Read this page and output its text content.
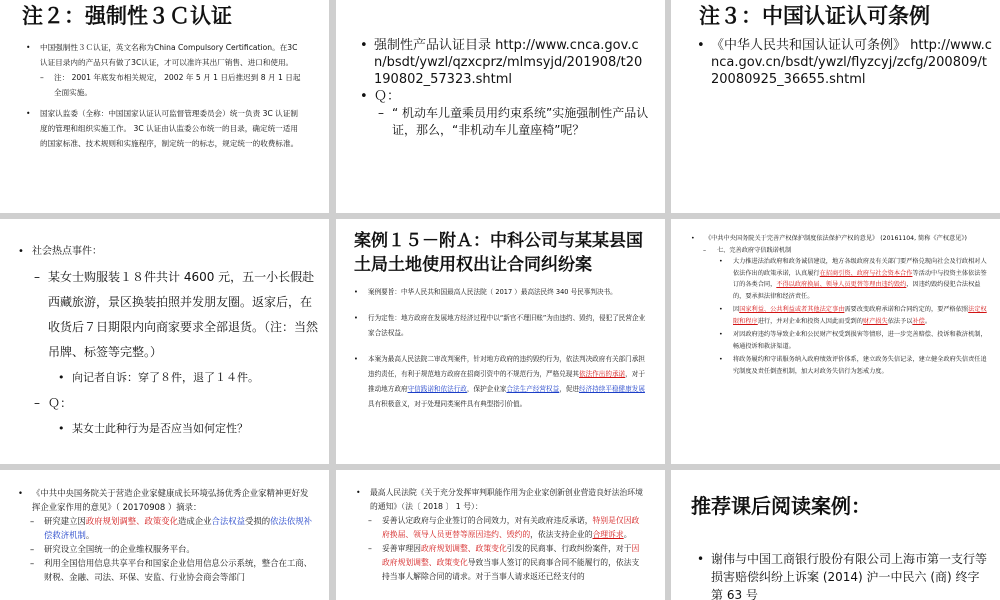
注２：强制性３Ｃ认证
• 中国强制性３Ｃ认证，英文名称为China Compulsory Certification。在3C认证目录内的产品只有做了3C认证，才可以准许其出厂销售、进口和使用。
– 注： 2001 年底发布相关规定， 2002 年 5 月 1 日后推迟到 8 月 1 日起全面实施。
• 国家认监委（全称：中国国家认证认可监督管理委员会）统一负责 3C 认证制度的管理和组织实施工作。 3C 认证由认监委公布统一的目录，确定统一适用的国家标准、技术规则和实施程序，制定统一的标志，规定统一的收费标准。
• 强制性产品认证目录 http://www.cnca.gov.cn/bsdt/ywzl/qzxcprz/mlmsyjd/201908/t20190802_57323.shtml
• Ｑ：
– “ 机动车儿童乘员用约束系统”实施强制性产品认证，那么，“非机动车儿童座椅”呢？
注３：中国认证认可条例
• 《中华人民共和国认证认可条例》 http://www.cnca.gov.cn/bsdt/ywzl/flyzcyj/zcfg/200809/t20080925_36655.shtml
• 社会热点事件：
– 某女士购服装１８件共计 4600 元，五一小长假赴西藏旅游，景区换装拍照并发朋友圈。返家后，在收货后７日期限内向商家要求全部退货。（注：当然吊牌、标签等完整。）
• 向记者自诉：穿了８件，退了１４件。
– Ｑ：
• 某女士此种行为是否应当如何定性？
案例１５－附Ａ：中科公司与某某县国土局土地使用权出让合同纠纷案
• 案例要旨：中华人民共和国最高人民法院（ 2017 ）最高法民终 340 号民事判决书。
• 行为定性：地方政府在发展地方经济过程中以“新官不理旧账”为由违约、毁约，侵犯了民营企业家合法权益。
• 本案为最高人民法院二审改判案件，针对地方政府的违约毁约行为，依法判决政府有关部门承担违约责任，有利于规范地方政府在招商引资中的不规范行为，严格兑现其依法作出的承诺，对于推动地方政府守信践诺和依法行政，保护企业家合法生产经营权益，促进经济持续平稳健康发展具有积极意义，对于处理同类案件具有典型指引价值。
• 《中共中央国务院关于完善产权保护制度依法保护产权的意见》 (20161104, 简称《产权意见》)
– 七、完善政府守信践诺机制
• 大力推进法治政府和政务诚信建设，地方各级政府及有关部门要严格兑现向社会及行政相对人依法作出的政策承诺，认真履行在招商引资、政府与社会资本合作等活动中与投资主体依法签订的各类合同，不得以政府换届、领导人员更替等理由违约毁约，因违约毁约侵犯合法权益的，要承担法律和经济责任。
• 因国家利益、公共利益或者其他法定事由需要改变政府承诺和合同约定的，要严格依照法定权限和程序进行，并对企业和投资人因此而受到的财产损失依法予以补偿。
• 对因政府违约等导致企业和公民财产权受到损害等情形，进一步完善赔偿、投诉和救济机制，畅通投诉和救济渠道。
• 将政务履约和守诺服务纳入政府绩效评价体系，建立政务失信记录，建立健全政府失信责任追究制度及责任倒查机制，加大对政务失信行为惩戒力度。
• 《中共中央国务院关于营造企业家健康成长环境弘扬优秀企业家精神更好发挥企业家作用的意见》（ 20170908 ）摘录：
– 研究建立因政府规划调整、政策变化造成企业合法权益受损的依法依规补偿救济机制。
– 研究设立全国统一的企业维权服务平台。
– 利用全国信用信息共享平台和国家企业信用信息公示系统，整合在工商、财税、金融、司法、环保、安监、行业协会商会等部门
• 最高人民法院《关于充分发挥审判职能作用为企业家创新创业营造良好法治环境的通知》（法〔 2018 〕 1 号）：
– 妥善认定政府与企业签订的合同效力，对有关政府违反承诺，特别是仅因政府换届、领导人员更替等原因违约、毁约的，依法支持企业的合理诉求。
– 妥善审理因政府规划调整、政策变化引发的民商事、行政纠纷案件，对于因政府规划调整、政策变化导致当事人签订的民商事合同不能履行的，依法支持当事人解除合同的请求。对于当事人请求返还已经支付的
推荐课后阅读案例：
• 谢伟与中国工商银行股份有限公司上海市第一支行等损害赔偿纠纷上诉案 (2014) 沪一中民六 (商) 终字第 63 号
